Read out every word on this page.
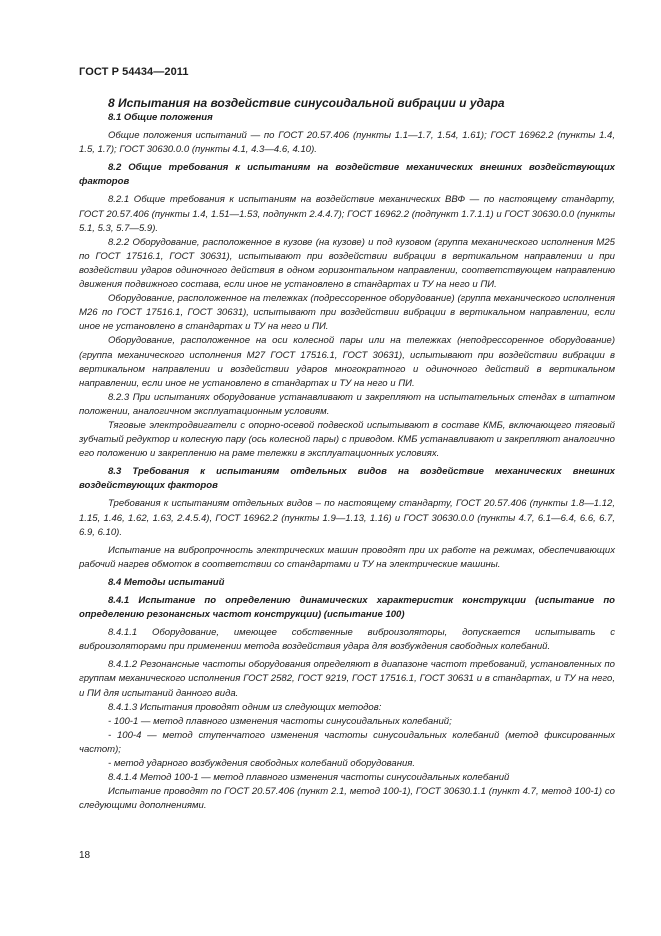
ГОСТ Р 54434—2011

8 Испытания на воздействие синусоидальной вибрации и удара

8.1 Общие положения

Общие положения испытаний — по ГОСТ 20.57.406 (пункты 1.1—1.7, 1.54, 1.61); ГОСТ 16962.2 (пункты 1.4, 1.5, 1.7); ГОСТ 30630.0.0 (пункты 4.1, 4.3—4.6, 4.10).

8.2 Общие требования к испытаниям на воздействие механических внешних воздействующих факторов

8.2.1 Общие требования к испытаниям на воздействие механических ВВФ — по настоящему стандарту, ГОСТ 20.57.406 (пункты 1.4, 1.51—1.53, подпункт 2.4.4.7); ГОСТ 16962.2 (подпункт 1.7.1.1) и ГОСТ 30630.0.0 (пункты 5.1, 5.3, 5.7—5.9).

8.2.2 Оборудование, расположенное в кузове (на кузове) и под кузовом (группа механического исполнения М25 по ГОСТ 17516.1, ГОСТ 30631), испытывают при воздействии вибрации в вертикальном направлении и при воздействии ударов одиночного действия в одном горизонтальном направлении, соответствующем направлению движения подвижного состава, если иное не установлено в стандартах и ТУ на него и ПИ.

Оборудование, расположенное на тележках (подрессоренное оборудование) (группа механического исполнения М26 по ГОСТ 17516.1, ГОСТ 30631), испытывают при воздействии вибрации в вертикальном направлении, если иное не установлено в стандартах и ТУ на него и ПИ.

Оборудование, расположенное на оси колесной пары или на тележках (неподрессоренное оборудование) (группа механического исполнения М27 ГОСТ 17516.1, ГОСТ 30631), испытывают при воздействии вибрации в вертикальном направлении и воздействии ударов многократного и одиночного действий в вертикальном направлении, если иное не установлено в стандартах и ТУ на него и ПИ.

8.2.3 При испытаниях оборудование устанавливают и закрепляют на испытательных стендах в штатном положении, аналогичном эксплуатационным условиям.

Тяговые электродвигатели с опорно-осевой подвеской испытывают в составе КМБ, включающего тяговый зубчатый редуктор и колесную пару (ось колесной пары) с приводом. КМБ устанавливают и закрепляют аналогично его положению и закреплению на раме тележки в эксплуатационных условиях.

8.3 Требования к испытаниям отдельных видов на воздействие механических внешних воздействующих факторов

Требования к испытаниям отдельных видов – по настоящему стандарту, ГОСТ 20.57.406 (пункты 1.8—1.12, 1.15, 1.46, 1.62, 1.63, 2.4.5.4), ГОСТ 16962.2 (пункты 1.9—1.13, 1.16) и ГОСТ 30630.0.0 (пункты 4.7, 6.1—6.4, 6.6, 6.7, 6.9, 6.10).

Испытание на вибропрочность электрических машин проводят при их работе на режимах, обеспечивающих рабочий нагрев обмоток в соответствии со стандартами и ТУ на электрические машины.

8.4 Методы испытаний

8.4.1 Испытание по определению динамических характеристик конструкции (испытание по определению резонансных частот конструкции) (испытание 100)

8.4.1.1 Оборудование, имеющее собственные виброизоляторы, допускается испытывать с виброизоляторами при применении метода воздействия удара для возбуждения свободных колебаний.

8.4.1.2 Резонансные частоты оборудования определяют в диапазоне частот требований, установленных по группам механического исполнения ГОСТ 2582, ГОСТ 9219, ГОСТ 17516.1, ГОСТ 30631 и в стандартах, и ТУ на него, и ПИ для испытаний данного вида.

8.4.1.3 Испытания проводят одним из следующих методов:

- 100-1 — метод плавного изменения частоты синусоидальных колебаний;

- 100-4 — метод ступенчатого изменения частоты синусоидальных колебаний (метод фиксированных частот);

- метод ударного возбуждения свободных колебаний оборудования.

8.4.1.4 Метод 100-1 — метод плавного изменения частоты синусоидальных колебаний

Испытание проводят по ГОСТ 20.57.406 (пункт 2.1, метод 100-1), ГОСТ 30630.1.1 (пункт 4.7, метод 100-1) со следующими дополнениями.

18
